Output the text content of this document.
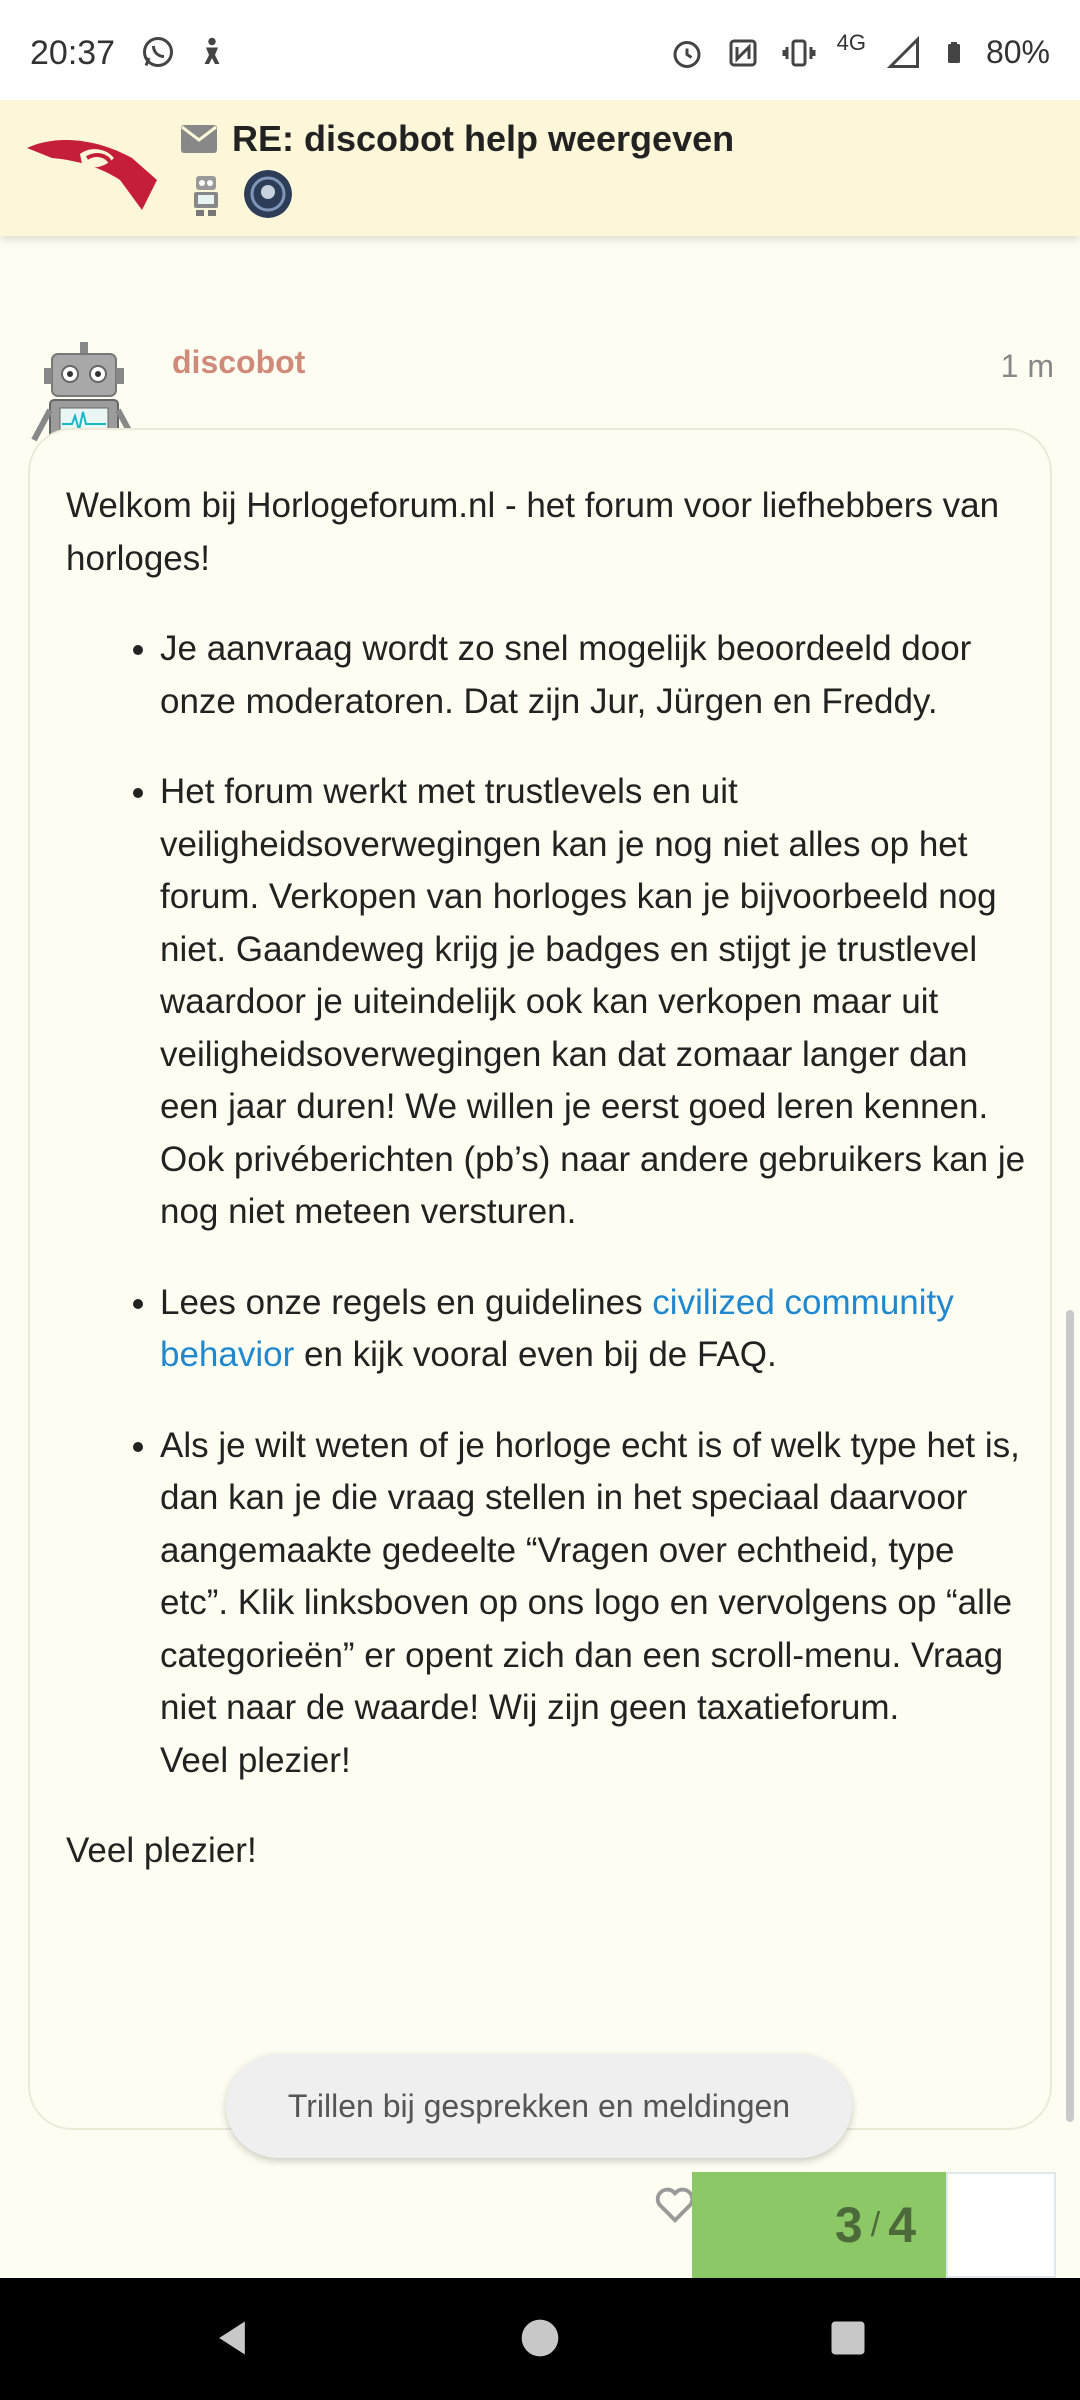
20:37	4G	80%
RE: discobot help weergeven
discobot	1 m

Welkom bij Horlogeforum.nl - het forum voor liefhebbers van horloges!

• Je aanvraag wordt zo snel mogelijk beoordeeld door onze moderatoren. Dat zijn Jur, Jürgen en Freddy.
• Het forum werkt met trustlevels en uit veiligheidsoverwegingen kan je nog niet alles op het forum. Verkopen van horloges kan je bijvoorbeeld nog niet. Gaandeweg krijg je badges en stijgt je trustlevel waardoor je uiteindelijk ook kan verkopen maar uit veiligheidsoverwegingen kan dat zomaar langer dan een jaar duren! We willen je eerst goed leren kennen. Ook privéberichten (pb’s) naar andere gebruikers kan je nog niet meteen versturen.
• Lees onze regels en guidelines civilized community behavior en kijk vooral even bij de FAQ.
• Als je wilt weten of je horloge echt is of welk type het is, dan kan je die vraag stellen in het speciaal daarvoor aangemaakte gedeelte “Vragen over echtheid, type etc”. Klik linksboven op ons logo en vervolgens op “alle categorieën” er opent zich dan een scroll-menu. Vraag niet naar de waarde! Wij zijn geen taxatieforum.
Veel plezier!

Veel plezier!

Trillen bij gesprekken en meldingen
3 / 4
